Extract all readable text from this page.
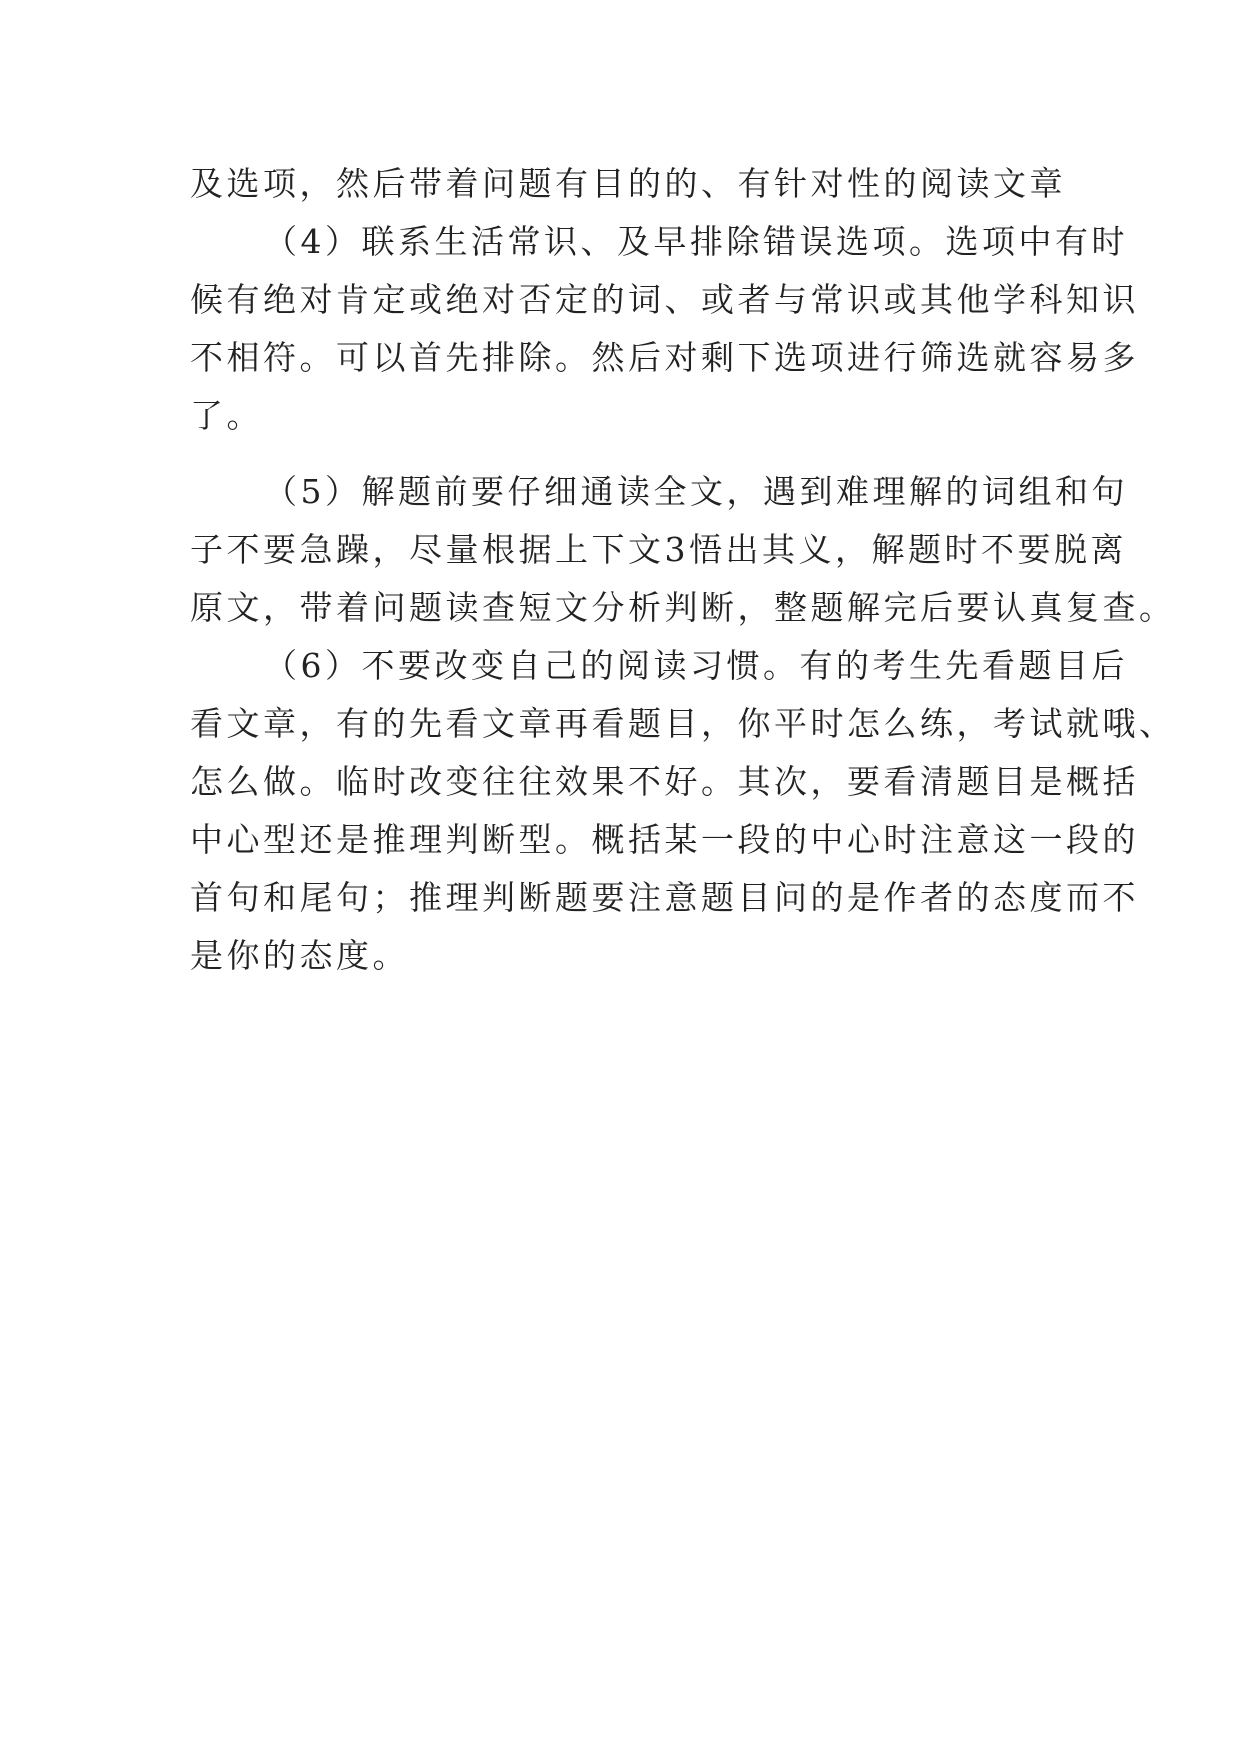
及选项，然后带着问题有目的的、有针对性的阅读文章
（4）联系生活常识、及早排除错误选项。选项中有时
候有绝对肯定或绝对否定的词、或者与常识或其他学科知识
不相符。可以首先排除。然后对剩下选项进行筛选就容易多
了。
（5）解题前要仔细通读全文，遇到难理解的词组和句
子不要急躁，尽量根据上下文3悟出其义，解题时不要脱离
原文，带着问题读查短文分析判断，整题解完后要认真复查。
（6）不要改变自己的阅读习惯。有的考生先看题目后
看文章，有的先看文章再看题目，你平时怎么练，考试就哦、
怎么做。临时改变往往效果不好。其次，要看清题目是概括
中心型还是推理判断型。概括某一段的中心时注意这一段的
首句和尾句；推理判断题要注意题目问的是作者的态度而不
是你的态度。
